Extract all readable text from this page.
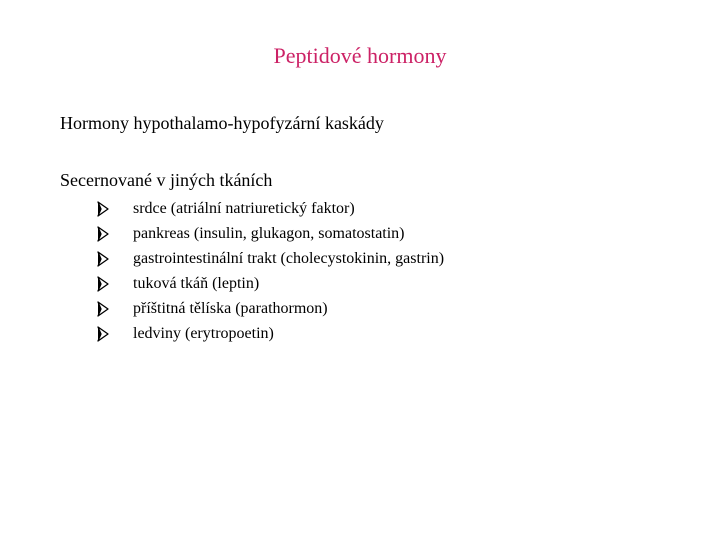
Peptidové hormony
Hormony hypothalamo-hypofyzární kaskády
Secernované v jiných tkáních
srdce (atriální natriuretický faktor)
pankreas (insulin, glukagon, somatostatin)
gastrointestinální trakt (cholecystokinin, gastrin)
tuková tkáň (leptin)
příštitná tělíska (parathormon)
ledviny (erytropoetin)
